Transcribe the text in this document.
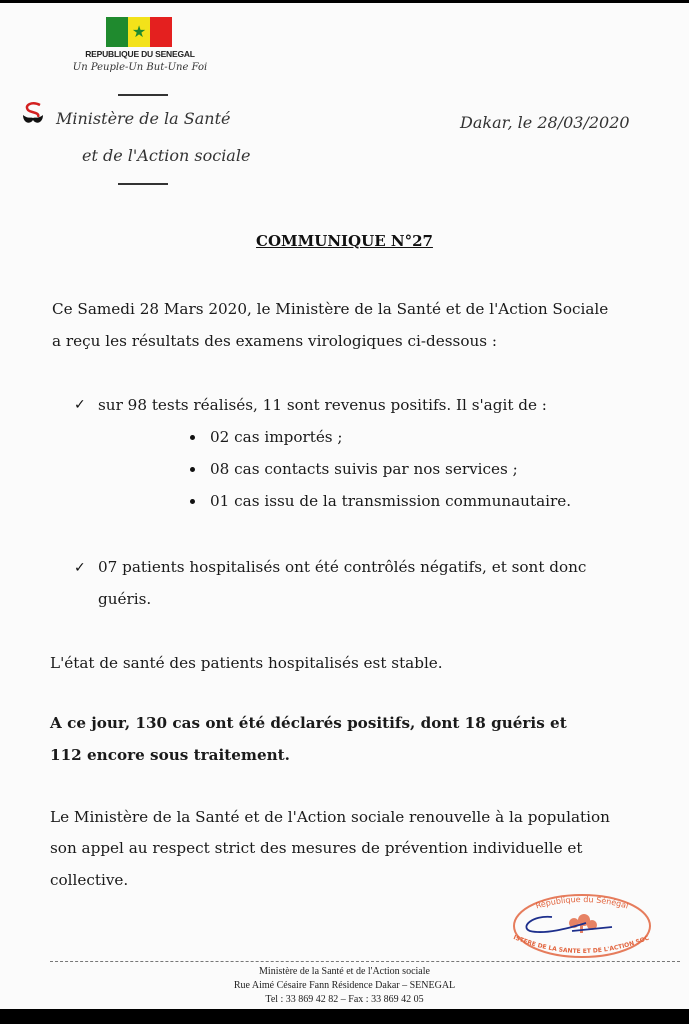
★
REPUBLIQUE DU SENEGAL
Un Peuple-Un But-Une Foi
Ministère de la Santé
et de l'Action sociale
Dakar, le 28/03/2020
COMMUNIQUE N°27
Ce Samedi 28 Mars 2020, le Ministère de la Santé et de l'Action Sociale
a reçu les résultats des examens virologiques ci-dessous :
✓ sur 98 tests réalisés, 11 sont revenus positifs. Il s'agit de :
02 cas importés ;
08 cas contacts suivis par nos services ;
01 cas issu de la transmission communautaire.
✓ 07 patients hospitalisés ont été contrôlés négatifs, et sont donc
guéris.
L'état de santé des patients hospitalisés est stable.
A ce jour, 130 cas ont été déclarés positifs, dont 18 guéris et
112 encore sous traitement.
Le Ministère de la Santé et de l'Action sociale renouvelle à la population
son appel au respect strict des mesures de prévention individuelle et
collective.
République du Sénégal
MINISTERE DE LA SANTE ET DE L'ACTION SOCIALE
Ministère de la Santé et de l'Action sociale
Rue Aimé Césaire Fann Résidence Dakar – SENEGAL
Tel : 33 869 42 82 – Fax : 33 869 42 05
